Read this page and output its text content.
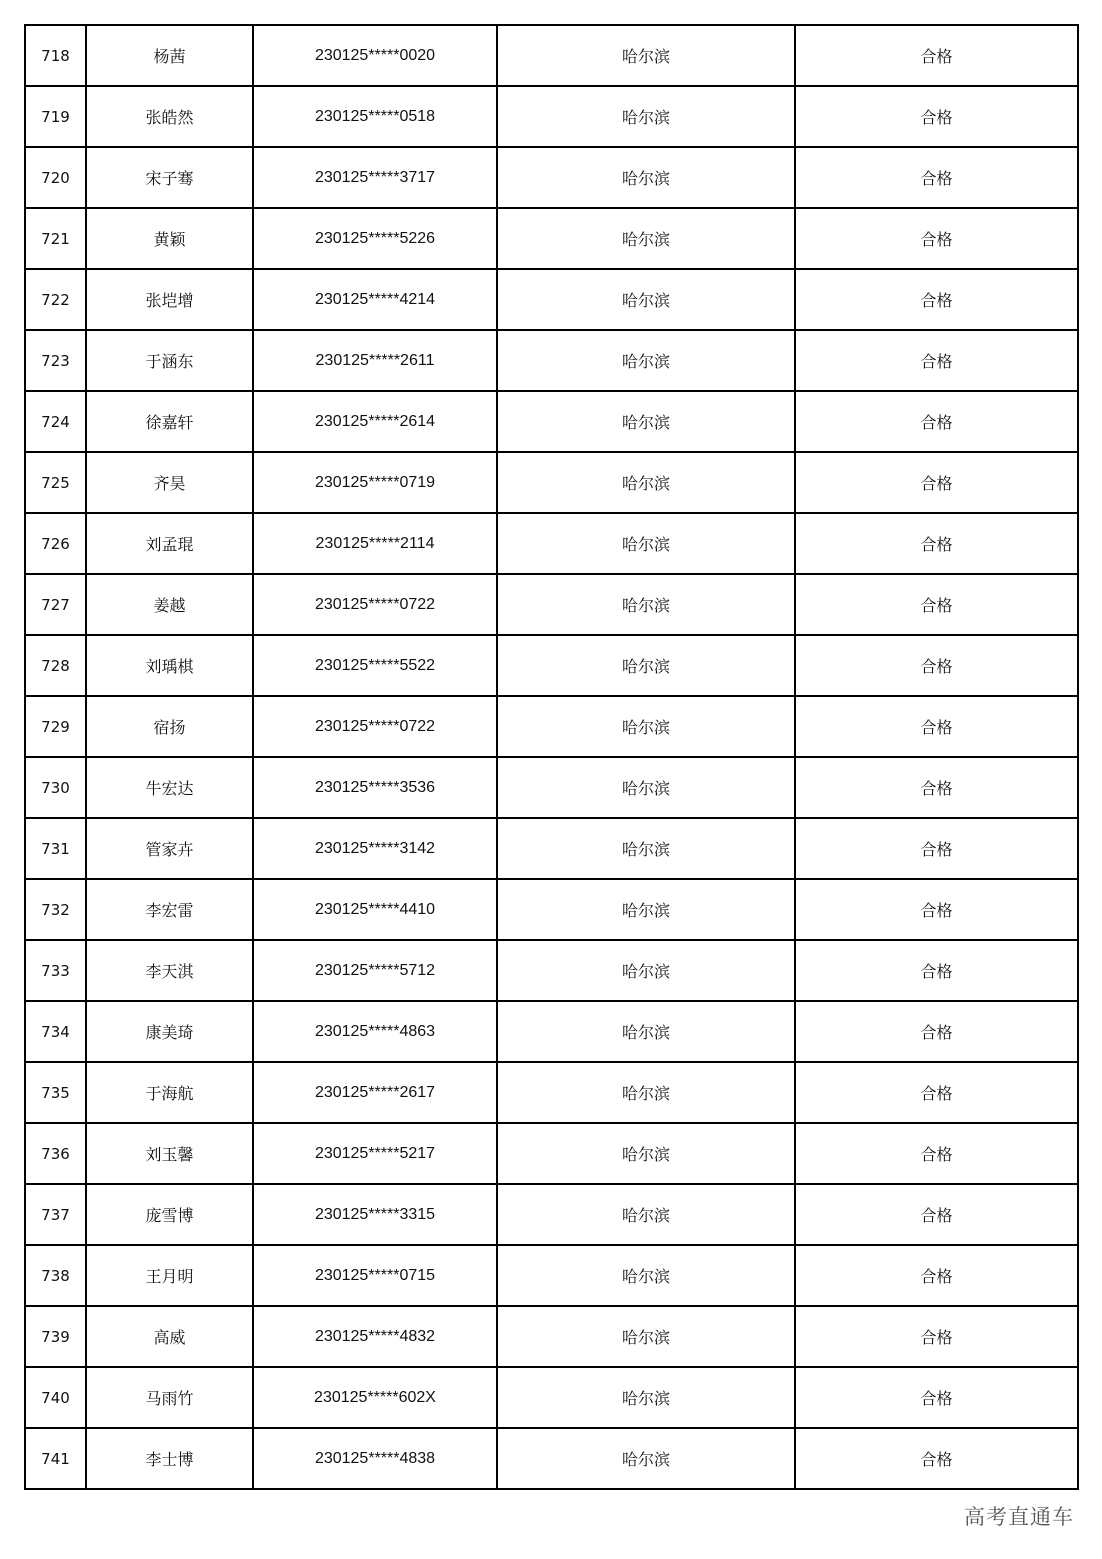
718	杨茜	230125*****0020	哈尔滨	合格
719	张皓然	230125*****0518	哈尔滨	合格
720	宋子骞	230125*****3717	哈尔滨	合格
721	黄颖	230125*****5226	哈尔滨	合格
722	张垲增	230125*****4214	哈尔滨	合格
723	于涵东	230125*****2611	哈尔滨	合格
724	徐嘉轩	230125*****2614	哈尔滨	合格
725	齐昊	230125*****0719	哈尔滨	合格
726	刘孟琨	230125*****2114	哈尔滨	合格
727	姜越	230125*****0722	哈尔滨	合格
728	刘瑀棋	230125*****5522	哈尔滨	合格
729	宿扬	230125*****0722	哈尔滨	合格
730	牛宏达	230125*****3536	哈尔滨	合格
731	管家卉	230125*****3142	哈尔滨	合格
732	李宏雷	230125*****4410	哈尔滨	合格
733	李天淇	230125*****5712	哈尔滨	合格
734	康美琦	230125*****4863	哈尔滨	合格
735	于海航	230125*****2617	哈尔滨	合格
736	刘玉馨	230125*****5217	哈尔滨	合格
737	庞雪博	230125*****3315	哈尔滨	合格
738	王月明	230125*****0715	哈尔滨	合格
739	高威	230125*****4832	哈尔滨	合格
740	马雨竹	230125*****602X	哈尔滨	合格
741	李士博	230125*****4838	哈尔滨	合格
高考直通车
